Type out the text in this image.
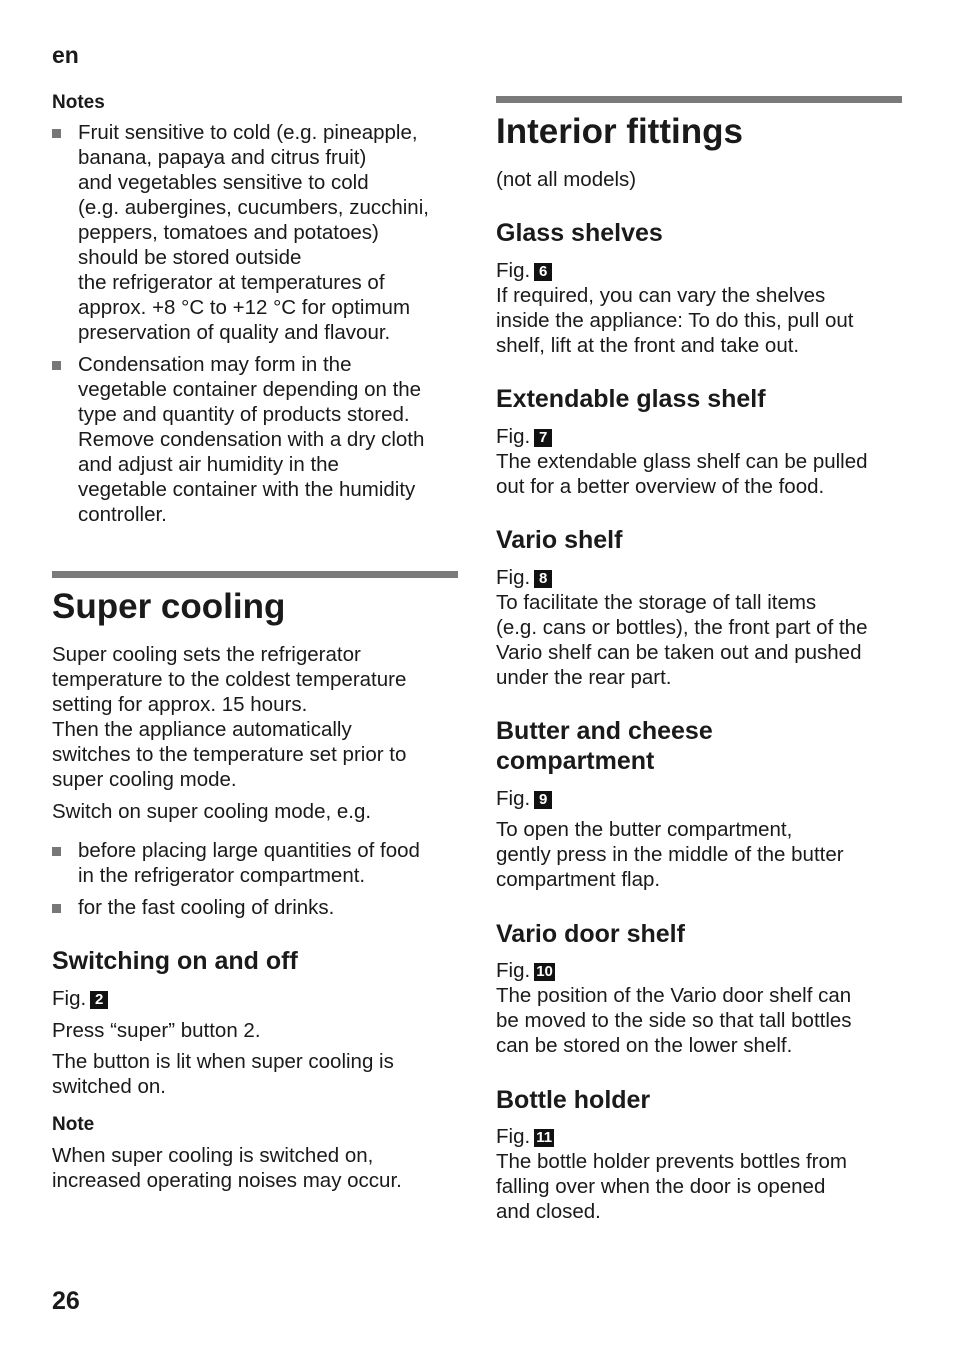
en
Notes
Fruit sensitive to cold (e.g. pineapple,
banana, papaya and citrus fruit)
and vegetables sensitive to cold
(e.g. aubergines, cucumbers, zucchini,
peppers, tomatoes and potatoes)
should be stored outside
the refrigerator at temperatures of
approx. +8 °C to +12 °C for optimum
preservation of quality and flavour.
Condensation may form in the
vegetable container depending on the
type and quantity of products stored.
Remove condensation with a dry cloth
and adjust air humidity in the
vegetable container with the humidity
controller.
Super cooling
Super cooling sets the refrigerator
temperature to the coldest temperature
setting for approx. 15 hours.
Then the appliance automatically
switches to the temperature set prior to
super cooling mode.
Switch on super cooling mode, e.g.
before placing large quantities of food
in the refrigerator compartment.
for the fast cooling of drinks.
Switching on and off
Fig. 2
Press “super” button 2.
The button is lit when super cooling is
switched on.
Note
When super cooling is switched on,
increased operating noises may occur.
Interior fittings
(not all models)
Glass shelves
Fig. 6
If required, you can vary the shelves
inside the appliance: To do this, pull out
shelf, lift at the front and take out.
Extendable glass shelf
Fig. 7
The extendable glass shelf can be pulled
out for a better overview of the food.
Vario shelf
Fig. 8
To facilitate the storage of tall items
(e.g. cans or bottles), the front part of the
Vario shelf can be taken out and pushed
under the rear part.
Butter and cheese
compartment
Fig. 9
To open the butter compartment,
gently press in the middle of the butter
compartment flap.
Vario door shelf
Fig. 10
The position of the Vario door shelf can
be moved to the side so that tall bottles
can be stored on the lower shelf.
Bottle holder
Fig. 11
The bottle holder prevents bottles from
falling over when the door is opened
and closed.
26
